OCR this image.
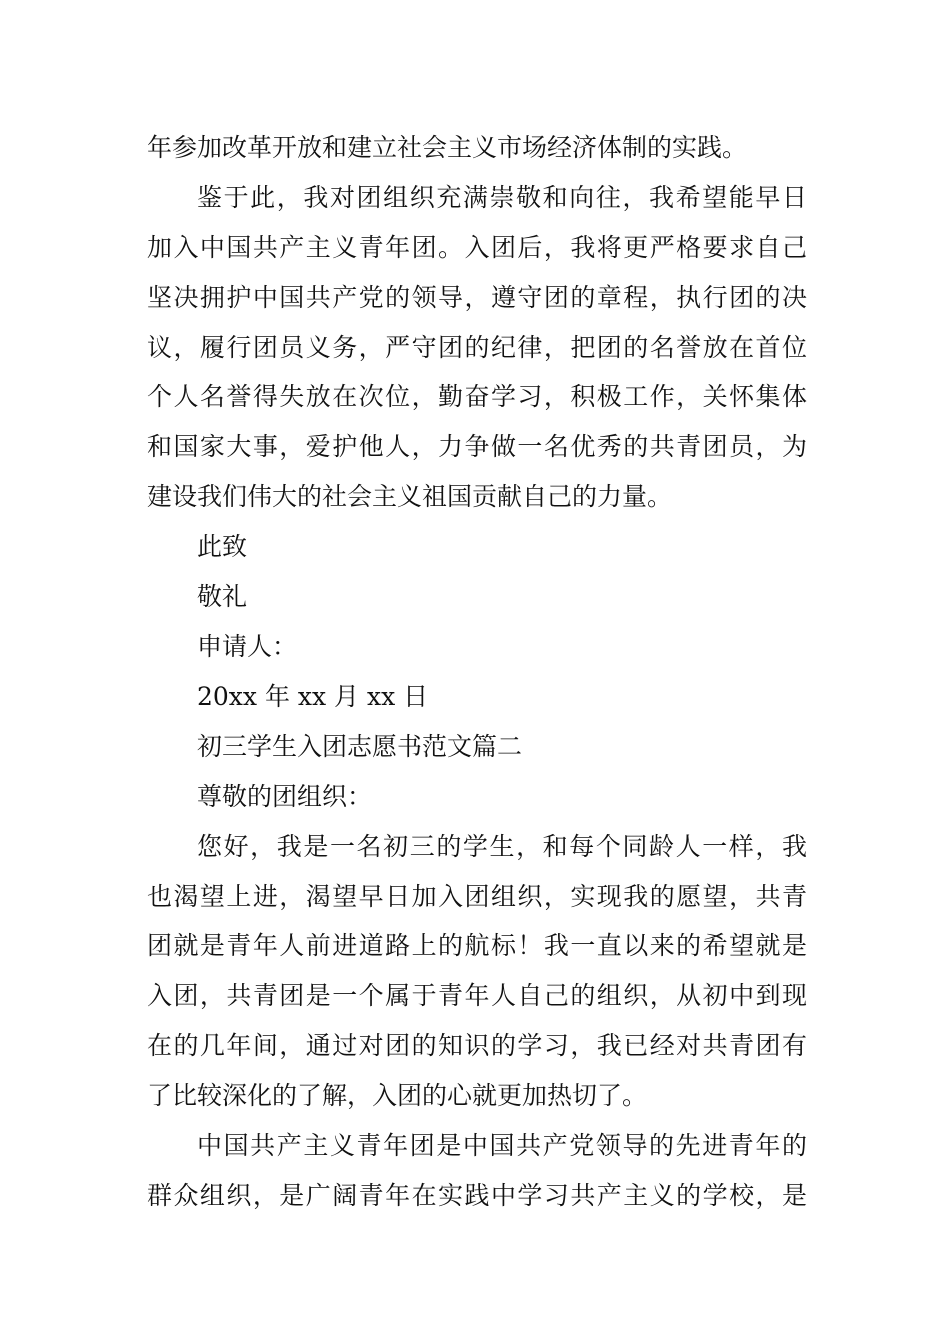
年参加改革开放和建立社会主义市场经济体制的实践。
鉴于此，我对团组织充满崇敬和向往，我希望能早日
加入中国共产主义青年团。入团后，我将更严格要求自己
坚决拥护中国共产党的领导，遵守团的章程，执行团的决
议，履行团员义务，严守团的纪律，把团的名誉放在首位
个人名誉得失放在次位，勤奋学习，积极工作，关怀集体
和国家大事，爱护他人，力争做一名优秀的共青团员，为
建设我们伟大的社会主义祖国贡献自己的力量。
此致
敬礼
申请人：
20xx 年 xx 月 xx 日
初三学生入团志愿书范文篇二
尊敬的团组织：
您好，我是一名初三的学生，和每个同龄人一样，我
也渴望上进，渴望早日加入团组织，实现我的愿望，共青
团就是青年人前进道路上的航标！我一直以来的希望就是
入团，共青团是一个属于青年人自己的组织，从初中到现
在的几年间，通过对团的知识的学习，我已经对共青团有
了比较深化的了解，入团的心就更加热切了。
中国共产主义青年团是中国共产党领导的先进青年的
群众组织，是广阔青年在实践中学习共产主义的学校，是
